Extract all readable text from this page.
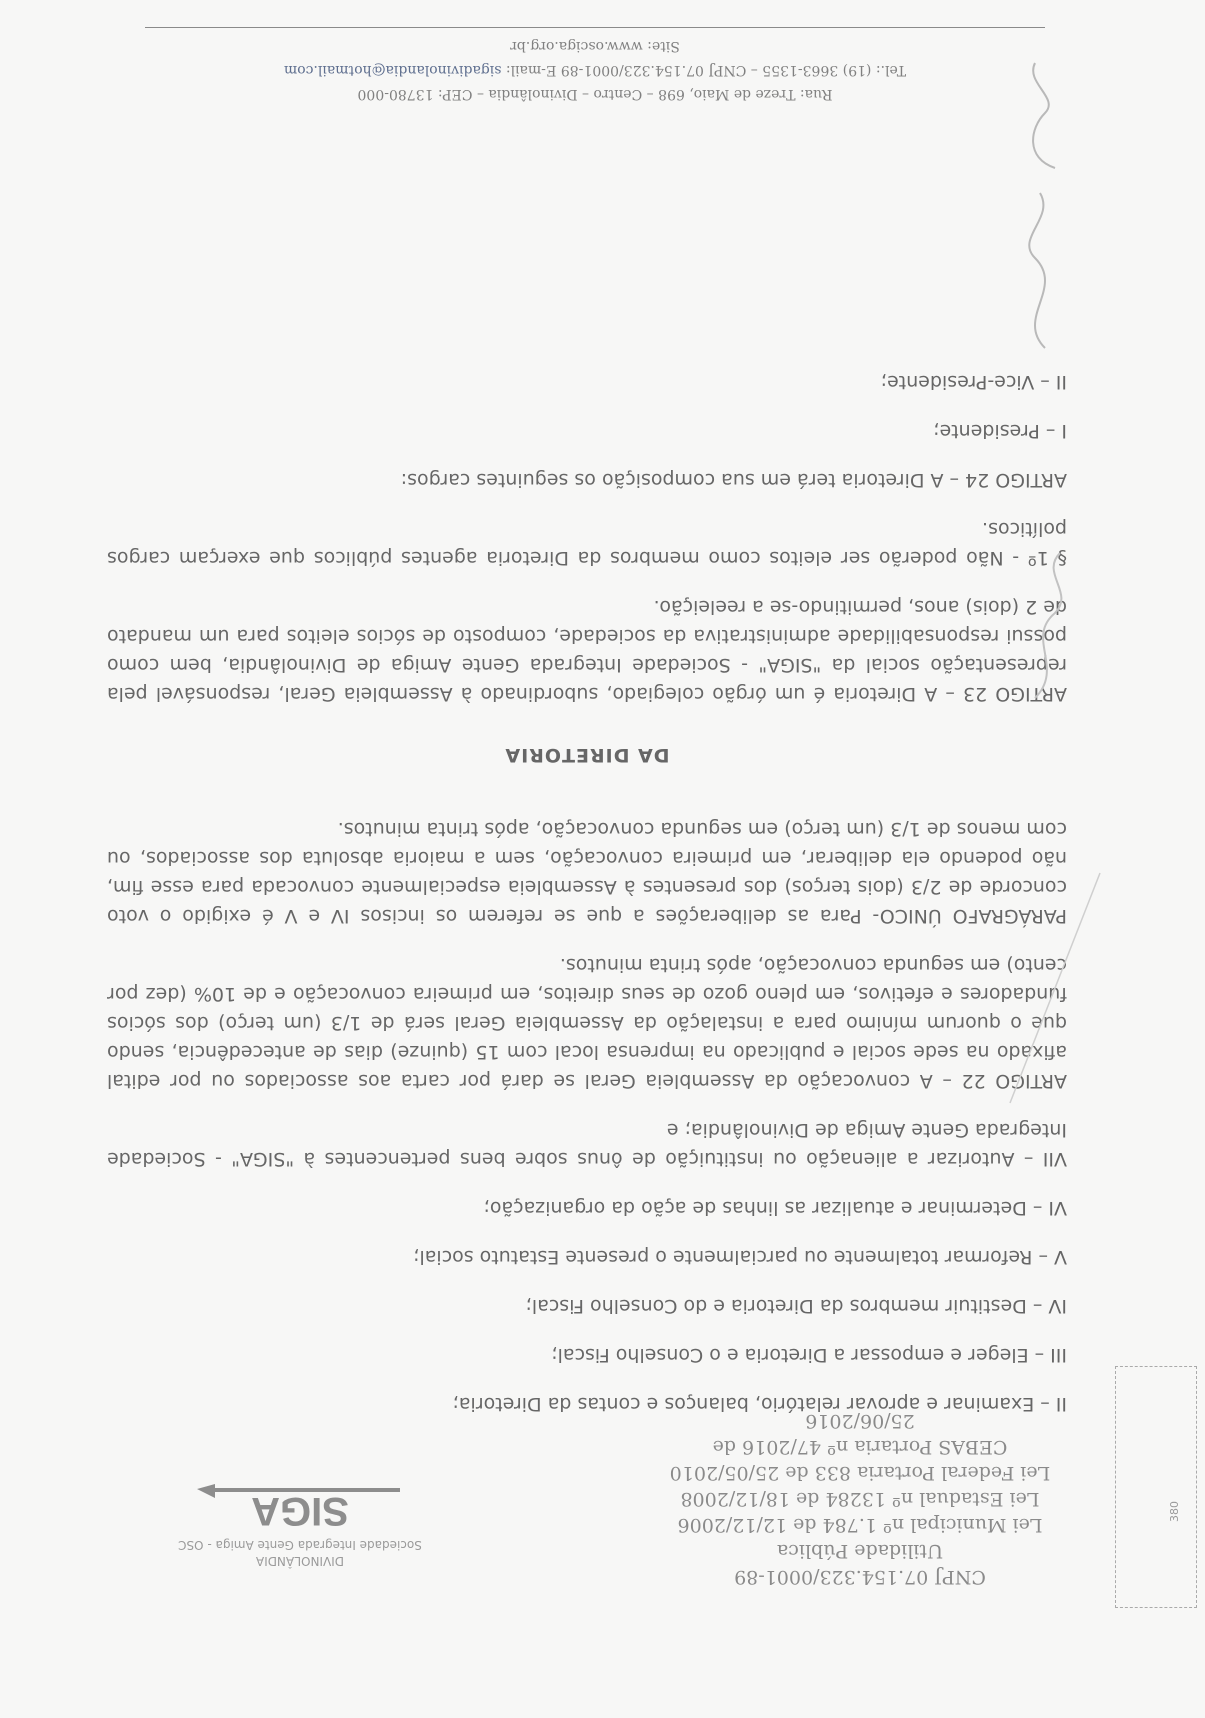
DIVINOLÂNDIA
Sociedade Integrada Gente Amiga - OSC
SIGA
CNPJ 07.154.323/0001-89
Utilidade Pública
Lei Municipal nº 1.784 de 12/12/2006
Lei Estadual nº 13284 de 18/12/2008
Lei Federal Portaria 833 de 25/05/2010
CEBAS Portaria nº 47/2016 de 25/06/2016
380

II – Examinar e aprovar relatório, balanços e contas da Diretoria;

III – Eleger e empossar a Diretoria e o Conselho Fiscal;

IV – Destituir membros da Diretoria e do Conselho Fiscal;

V – Reformar totalmente ou parcialmente o presente Estatuto social;

VI – Determinar e atualizar as linhas de ação da organização;

VII – Autorizar a alienação ou instituição de ônus sobre bens pertencentes à "SIGA" - Sociedade Integrada Gente Amiga de Divinolândia; e

ARTIGO 22 – A convocação da Assembleia Geral se dará por carta aos associados ou por edital afixado na sede social e publicado na imprensa local com 15 (quinze) dias de antecedência, sendo que o quorum mínimo para a instalação da Assembleia Geral será de 1/3 (um terço) dos sócios fundadores e efetivos, em pleno gozo de seus direitos, em primeira convocação e de 10% (dez por cento) em segunda convocação, após trinta minutos.

PARÁGRAFO ÚNICO- Para as deliberações a que se referem os incisos IV e V é exigido o voto concorde de 2/3 (dois terços) dos presentes à Assembleia especialmente convocada para esse fim, não podendo ela deliberar, em primeira convocação, sem a maioria absoluta dos associados, ou com menos de 1/3 (um terço) em segunda convocação, após trinta minutos.

DA DIRETORIA

ARTIGO 23 – A Diretoria é um órgão colegiado, subordinado à Assembleia Geral, responsável pela representação social da "SIGA" - Sociedade Integrada Gente Amiga de Divinolândia, bem como possui responsabilidade administrativa da sociedade, composto de sócios eleitos para um mandato de 2 (dois) anos, permitindo-se a reeleição.

§ 1º - Não poderão ser eleitos como membros da Diretoria agentes públicos que exerçam cargos políticos.

ARTIGO 24 – A Diretoria terá em sua composição os seguintes cargos:

I – Presidente;

II – Vice-Presidente;

Rua: Treze de Maio, 698 – Centro – Divinolândia – CEP: 13780-000
Tel.: (19) 3663-1355 – CNPJ 07.154.323/0001-89 E-mail: sigadivinolandia@hotmail.com
Site: www.osciga.org.br
